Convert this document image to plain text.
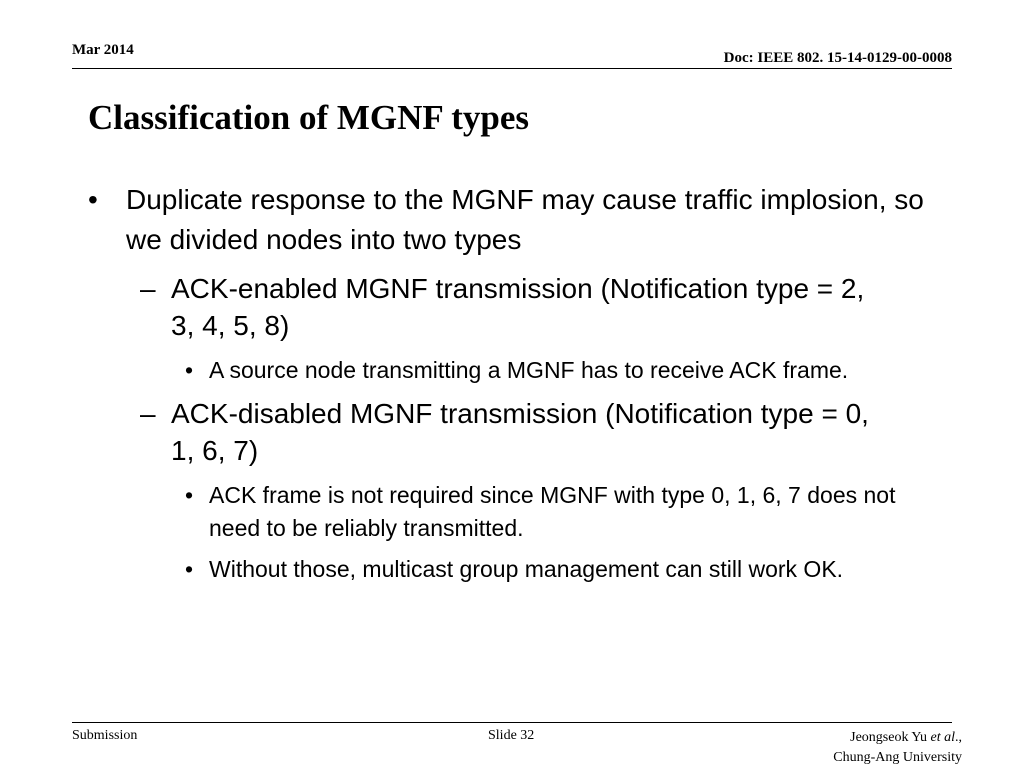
Mar 2014	Doc: IEEE 802. 15-14-0129-00-0008
Classification of MGNF types
• Duplicate response to the MGNF may cause traffic implosion, so we divided nodes into two types
– ACK-enabled MGNF transmission (Notification type = 2, 3, 4, 5, 8)
• A source node transmitting a MGNF has to receive ACK frame.
– ACK-disabled MGNF transmission (Notification type = 0, 1, 6, 7)
• ACK frame is not required since MGNF with type 0, 1, 6, 7 does not need to be reliably transmitted.
• Without those, multicast group management can still work OK.
Submission	Slide 32	Jeongseok Yu et al.,
Chung-Ang University
